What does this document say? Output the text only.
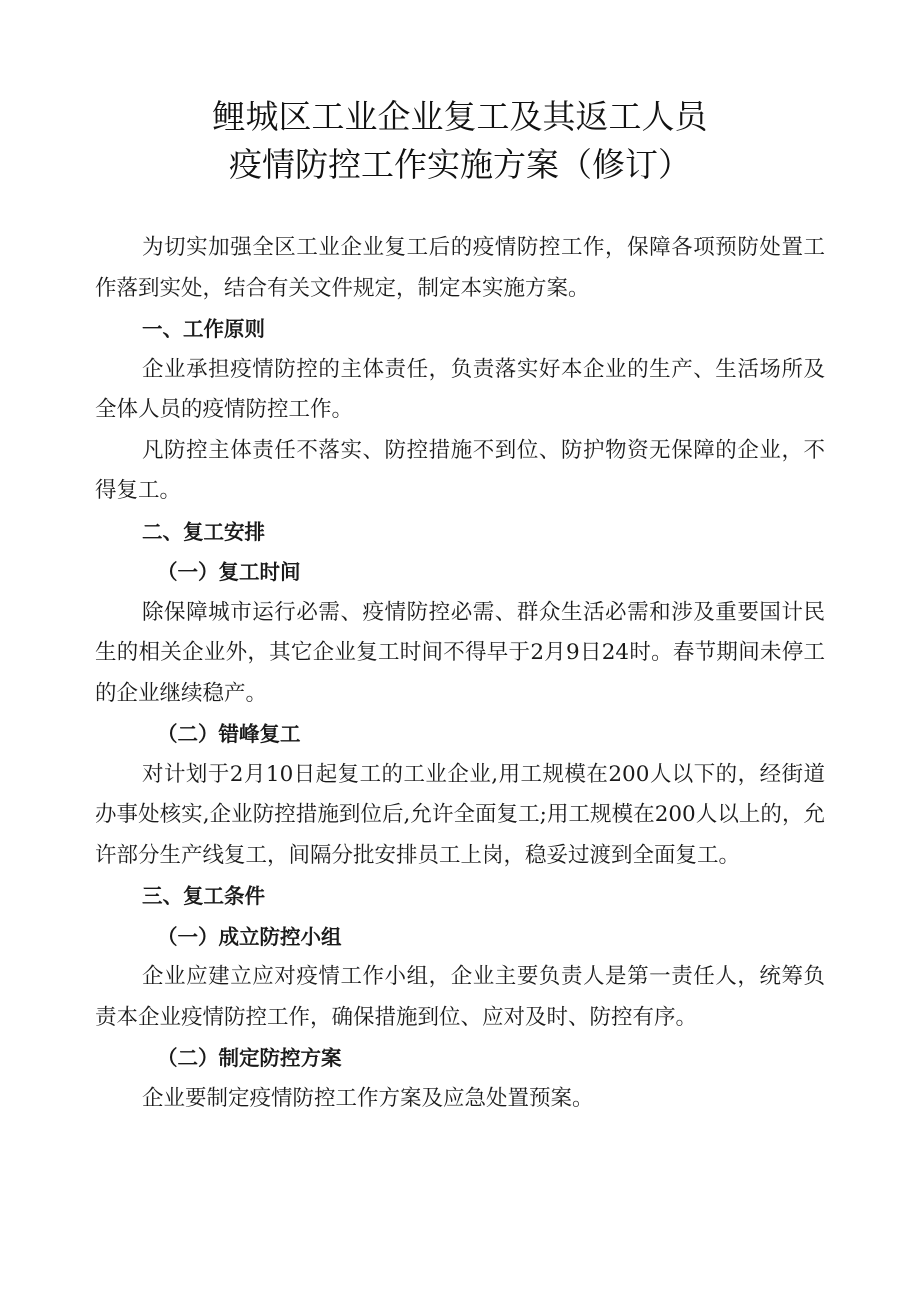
鲤城区工业企业复工及其返工人员
疫情防控工作实施方案（修订）

为切实加强全区工业企业复工后的疫情防控工作，保障各项预防处置工作落到实处，结合有关文件规定，制定本实施方案。

一、工作原则

企业承担疫情防控的主体责任，负责落实好本企业的生产、生活场所及全体人员的疫情防控工作。

凡防控主体责任不落实、防控措施不到位、防护物资无保障的企业，不得复工。

二、复工安排

（一）复工时间

除保障城市运行必需、疫情防控必需、群众生活必需和涉及重要国计民生的相关企业外，其它企业复工时间不得早于2月9日24时。春节期间未停工的企业继续稳产。

（二）错峰复工

对计划于2月10日起复工的工业企业,用工规模在200人以下的，经街道办事处核实,企业防控措施到位后,允许全面复工;用工规模在200人以上的，允许部分生产线复工，间隔分批安排员工上岗，稳妥过渡到全面复工。

三、复工条件

（一）成立防控小组

企业应建立应对疫情工作小组，企业主要负责人是第一责任人，统筹负责本企业疫情防控工作，确保措施到位、应对及时、防控有序。

（二）制定防控方案

企业要制定疫情防控工作方案及应急处置预案。
